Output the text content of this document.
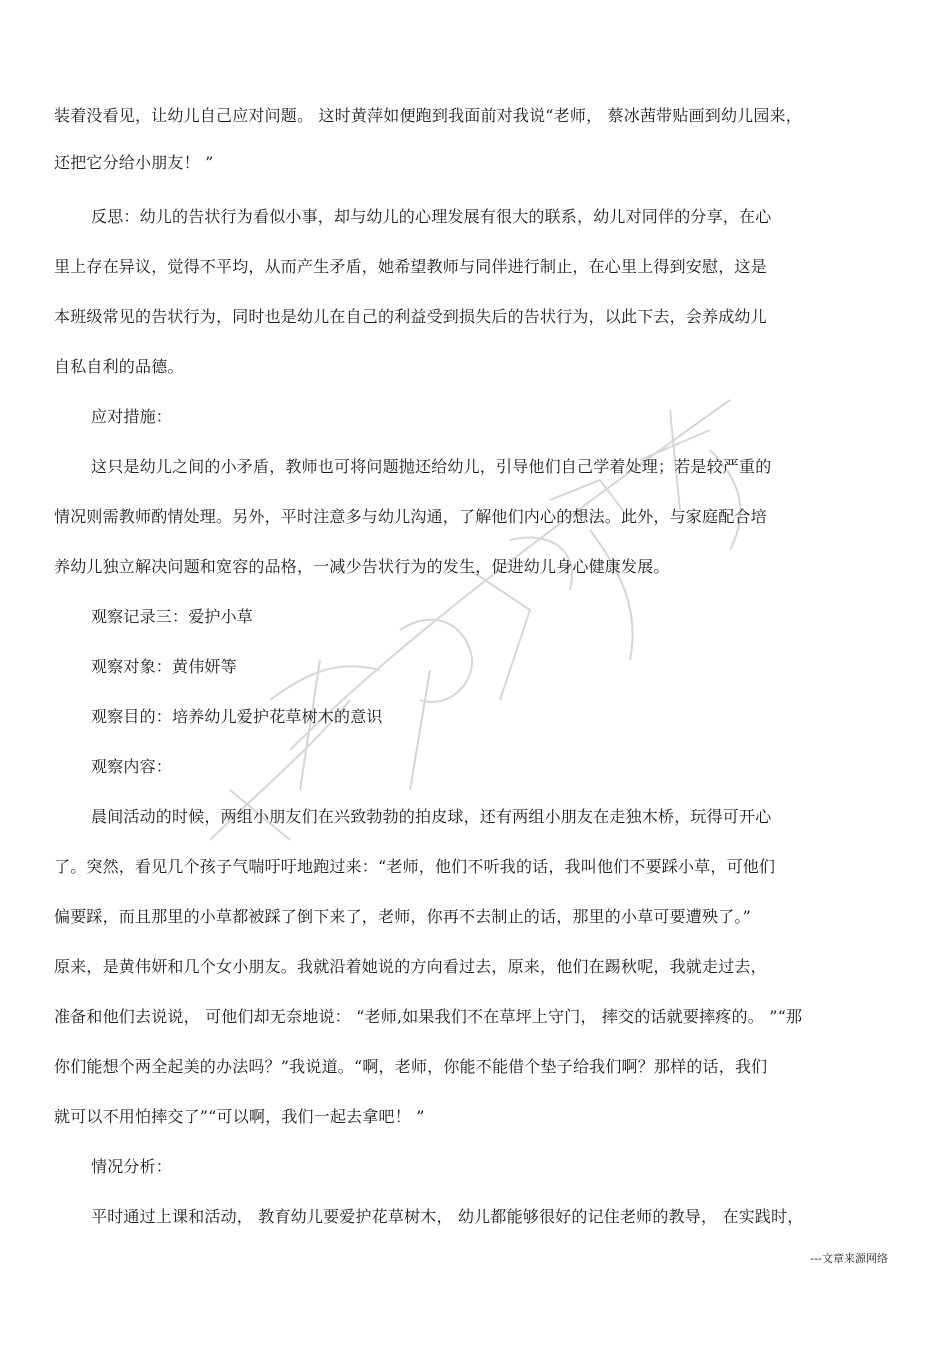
装着没看见，让幼儿自己应对问题。 这时黄萍如便跑到我面前对我说“老师， 蔡冰茜带贴画到幼儿园来，
还把它分给小朋友！ ”
反思：幼儿的告状行为看似小事，却与幼儿的心理发展有很大的联系，幼儿对同伴的分享，在心
里上存在异议，觉得不平均，从而产生矛盾，她希望教师与同伴进行制止，在心里上得到安慰，这是
本班级常见的告状行为，同时也是幼儿在自己的利益受到损失后的告状行为，以此下去，会养成幼儿
自私自利的品德。
应对措施：
这只是幼儿之间的小矛盾，教师也可将问题抛还给幼儿，引导他们自己学着处理；若是较严重的
情况则需教师酌情处理。另外，平时注意多与幼儿沟通，了解他们内心的想法。此外，与家庭配合培
养幼儿独立解决问题和宽容的品格，一减少告状行为的发生，促进幼儿身心健康发展。
观察记录三：爱护小草
观察对象：黄伟妍等
观察目的：培养幼儿爱护花草树木的意识
观察内容：
晨间活动的时候，两组小朋友们在兴致勃勃的拍皮球，还有两组小朋友在走独木桥，玩得可开心
了。突然，看见几个孩子气喘吁吁地跑过来：“老师，他们不听我的话，我叫他们不要踩小草，可他们
偏要踩，而且那里的小草都被踩了倒下来了，老师，你再不去制止的话，那里的小草可要遭殃了。”
原来，是黄伟妍和几个女小朋友。我就沿着她说的方向看过去，原来，他们在踢秋呢，我就走过去，
准备和他们去说说， 可他们却无奈地说： “老师,如果我们不在草坪上守门， 摔交的话就要摔疼的。 ”“那
你们能想个两全起美的办法吗？”我说道。“啊，老师，你能不能借个垫子给我们啊？那样的话，我们
就可以不用怕摔交了”“可以啊，我们一起去拿吧！ ”
情况分析：
平时通过上课和活动， 教育幼儿要爱护花草树木， 幼儿都能够很好的记住老师的教导， 在实践时，
---文章来源网络
